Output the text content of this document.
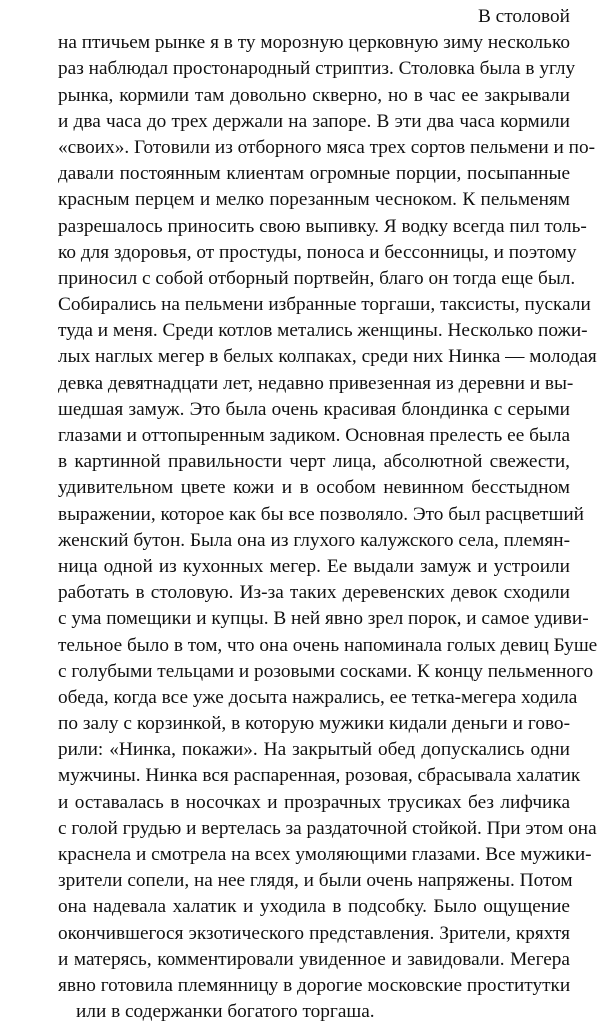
В столовой
на птичьем рынке я в ту морозную церковную зиму несколько
раз наблюдал простонародный стриптиз. Столовка была в углу
рынка, кормили там довольно скверно, но в час ее закрывали
и два часа до трех держали на запоре. В эти два часа кормили
«своих». Готовили из отборного мяса трех сортов пельмени и по-
давали постоянным клиентам огромные порции, посыпанные
красным перцем и мелко порезанным чесноком. К пельменям
разрешалось приносить свою выпивку. Я водку всегда пил толь-
ко для здоровья, от простуды, поноса и бессонницы, и поэтому
приносил с собой отборный портвейн, благо он тогда еще был.
Собирались на пельмени избранные торгаши, таксисты, пускали
туда и меня. Среди котлов метались женщины. Несколько пожи-
лых наглых мегер в белых колпаках, среди них Нинка — молодая
девка девятнадцати лет, недавно привезенная из деревни и вы-
шедшая замуж. Это была очень красивая блондинка с серыми
глазами и оттопыренным задиком. Основная прелесть ее была
в картинной правильности черт лица, абсолютной свежести,
удивительном цвете кожи и в особом невинном бесстыдном
выражении, которое как бы все позволяло. Это был расцветший
женский бутон. Была она из глухого калужского села, племян-
ница одной из кухонных мегер. Ее выдали замуж и устроили
работать в столовую. Из-за таких деревенских девок сходили
с ума помещики и купцы. В ней явно зрел порок, и самое удиви-
тельное было в том, что она очень напоминала голых девиц Буше
с голубыми тельцами и розовыми сосками. К концу пельменного
обеда, когда все уже досыта нажрались, ее тетка-мегера ходила
по залу с корзинкой, в которую мужики кидали деньги и гово-
рили: «Нинка, покажи». На закрытый обед допускались одни
мужчины. Нинка вся распаренная, розовая, сбрасывала халатик
и оставалась в носочках и прозрачных трусиках без лифчика
с голой грудью и вертелась за раздаточной стойкой. При этом она
краснела и смотрела на всех умоляющими глазами. Все мужики-
зрители сопели, на нее глядя, и были очень напряжены. Потом
она надевала халатик и уходила в подсобку. Было ощущение
окончившегося экзотического представления. Зрители, кряхтя
и матерясь, комментировали увиденное и завидовали. Мегера
явно готовила племянницу в дорогие московские проститутки
или в содержанки богатого торгаша.
